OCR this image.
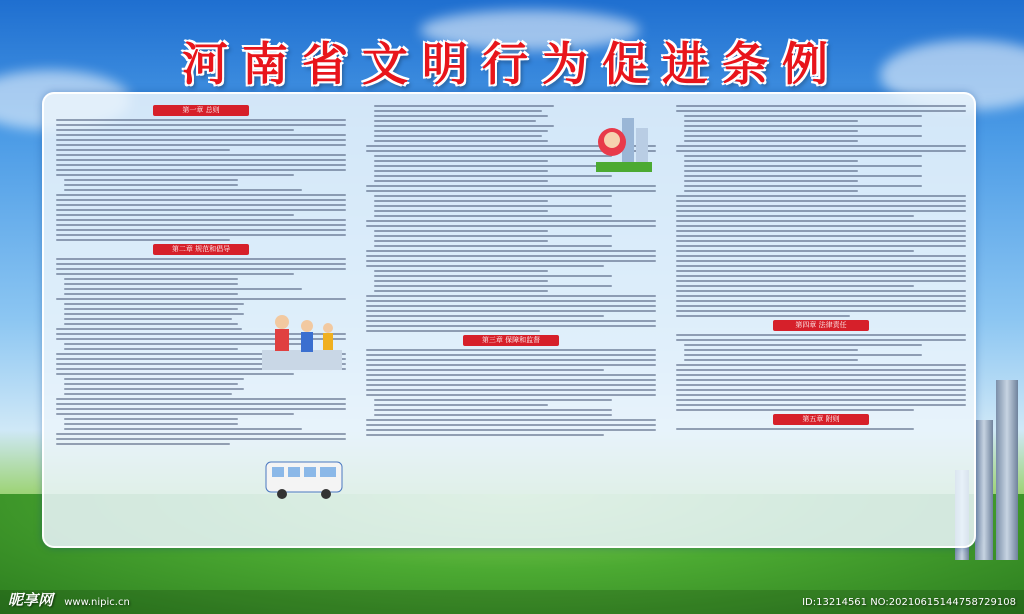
河南省文明行为促进条例
第一章 总则
第二章 规范和倡导
第三章 保障和监督
第四章 法律责任
第五章 附则
昵享网 www.nipic.cn	ID:13214561 NO:20210615144758729108
